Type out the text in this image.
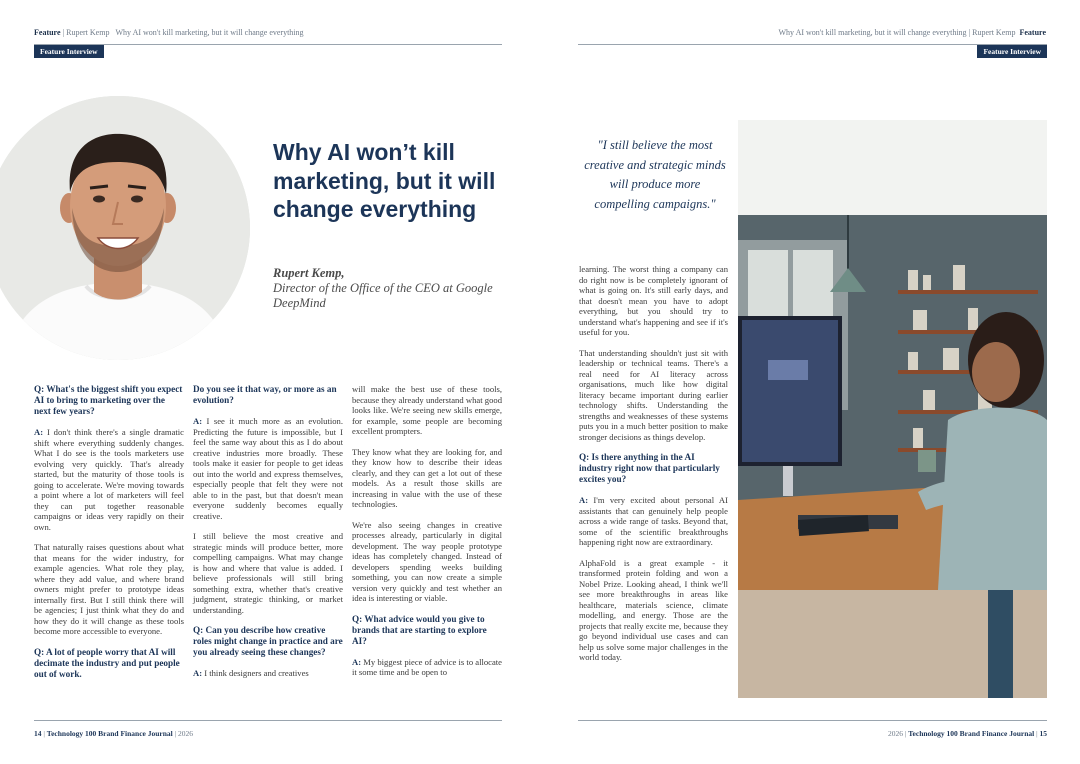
Feature | Rupert Kemp Why AI won't kill marketing, but it will change everything
Feature Interview
Why AI won’t kill marketing, but it will change everything
Rupert Kemp,
Director of the Office of the CEO at Google DeepMind

Q: What's the biggest shift you expect AI to bring to marketing over the next few years?

A: I don't think there's a single dramatic shift where everything suddenly changes. What I do see is the tools marketers use evolving very quickly. That's already started, but the maturity of those tools is going to accelerate. We're moving towards a point where a lot of marketers will feel they can put together reasonable campaigns or ideas very rapidly on their own.

That naturally raises questions about what that means for the wider industry, for example agencies. What role they play, where they add value, and where brand owners might prefer to prototype ideas internally first. But I still think there will be agencies; I just think what they do and how they do it will change as these tools become more accessible to everyone.

Q: A lot of people worry that AI will decimate the industry and put people out of work.

Do you see it that way, or more as an evolution?

A: I see it much more as an evolution. Predicting the future is impossible, but I feel the same way about this as I do about creative industries more broadly. These tools make it easier for people to get ideas out into the world and express themselves, especially people that felt they were not able to in the past, but that doesn't mean everyone suddenly becomes equally creative.

I still believe the most creative and strategic minds will produce better, more compelling campaigns. What may change is how and where that value is added. I believe professionals will still bring something extra, whether that's creative judgment, strategic thinking, or market understanding.

Q: Can you describe how creative roles might change in practice and are you already seeing these changes?

A: I think designers and creatives

will make the best use of these tools, because they already understand what good looks like. We're seeing new skills emerge, for example, some people are becoming excellent prompters.

They know what they are looking for, and they know how to describe their ideas clearly, and they can get a lot out of these models. As a result those skills are increasing in value with the use of these technologies.

We're also seeing changes in creative processes already, particularly in digital development. The way people prototype ideas has completely changed. Instead of developers spending weeks building something, you can now create a simple version very quickly and test whether an idea is interesting or viable.

Q: What advice would you give to brands that are starting to explore AI?

A: My biggest piece of advice is to allocate it some time and be open to

14 | Technology 100 Brand Finance Journal | 2026
Why AI won't kill marketing, but it will change everything | Rupert Kemp Feature
Feature Interview
2026 | Technology 100 Brand Finance Journal | 15
"I still believe the most creative and strategic minds will produce more compelling campaigns."

learning. The worst thing a company can do right now is be completely ignorant of what is going on. It's still early days, and that doesn't mean you have to adopt everything, but you should try to understand what's happening and see if it's useful for you.

That understanding shouldn't just sit with leadership or technical teams. There's a real need for AI literacy across organisations, much like how digital literacy became important during earlier technology shifts. Understanding the strengths and weaknesses of these systems puts you in a much better position to make stronger decisions as things develop.

Q: Is there anything in the AI industry right now that particularly excites you?

A: I'm very excited about personal AI assistants that can genuinely help people across a wide range of tasks. Beyond that, some of the scientific breakthroughs happening right now are extraordinary.

AlphaFold is a great example - it transformed protein folding and won a Nobel Prize. Looking ahead, I think we'll see more breakthroughs in areas like healthcare, materials science, climate modelling, and energy. Those are the projects that really excite me, because they go beyond individual use cases and can help us solve some major challenges in the world today.
